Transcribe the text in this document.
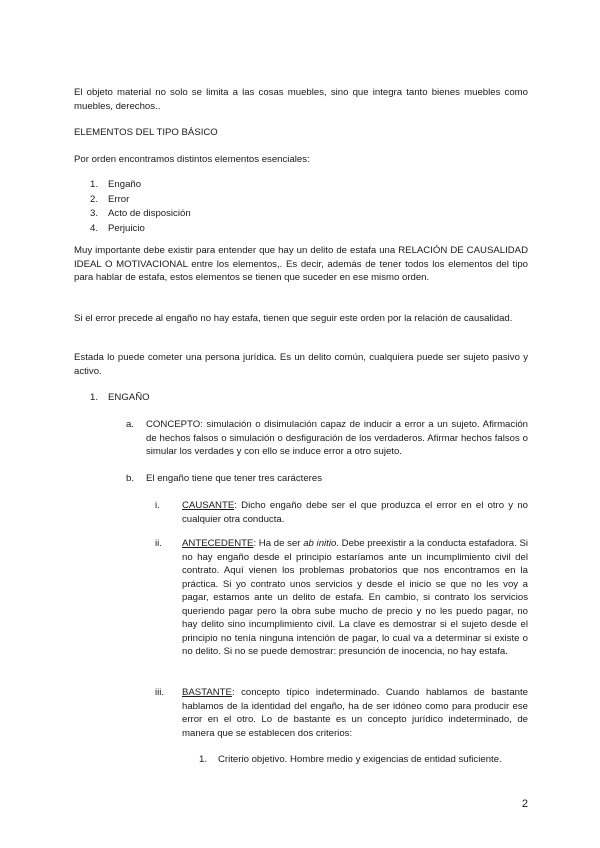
El objeto material no solo se limita a las cosas muebles, sino que integra tanto bienes muebles como muebles, derechos..

ELEMENTOS DEL TIPO BÁSICO

Por orden encontramos distintos elementos esenciales:

1.	Engaño
2.	Error
3.	Acto de disposición
4.	Perjuicio

Muy importante debe existir para entender que hay un delito de estafa una RELACIÓN DE CAUSALIDAD IDEAL O MOTIVACIONAL entre los elementos,. Es decir, además de tener todos los elementos del tipo para hablar de estafa, estos elementos se tienen que suceder en ese mismo orden.

Si el error precede al engaño no hay estafa, tienen que seguir este orden por la relación de causalidad.

Estada lo puede cometer una persona jurídica. Es un delito común, cualquiera puede ser sujeto pasivo y activo.

1.	ENGAÑO
a.	CONCEPTO: simulación o disimulación capaz de inducir a error a un sujeto. Afirmación de hechos falsos o simulación o desfiguración de los verdaderos. Afirmar hechos falsos o simular los verdades y con ello se induce error a otro sujeto.
b.	El engaño tiene que tener tres carácteres
i.	CAUSANTE: Dicho engaño debe ser el que produzca el error en el otro y no cualquier otra conducta.
ii.	ANTECEDENTE: Ha de ser ab initio. Debe preexistir a la conducta estafadora. Si no hay engaño desde el principio estaríamos ante un incumplimiento civil del contrato. Aquí vienen los problemas probatorios que nos encontramos en la práctica. Si yo contrato unos servicios y desde el inicio se que no les voy a pagar, estamos ante un delito de estafa. En cambio, si contrato los servicios queriendo pagar pero la obra sube mucho de precio y no les puedo pagar, no hay delito sino incumplimiento civil. La clave es demostrar si el sujeto desde el principio no tenía ninguna intención de pagar, lo cual va a determinar si existe o no delito. Si no se puede demostrar: presunción de inocencia, no hay estafa.
iii.	BASTANTE: concepto típico indeterminado. Cuando hablamos de bastante hablamos de la identidad del engaño, ha de ser idóneo como para producir ese error en el otro. Lo de bastante es un concepto jurídico indeterminado, de manera que se establecen dos criterios:
1.	Criterio objetivo. Hombre medio y exigencias de entidad suficiente.
2
